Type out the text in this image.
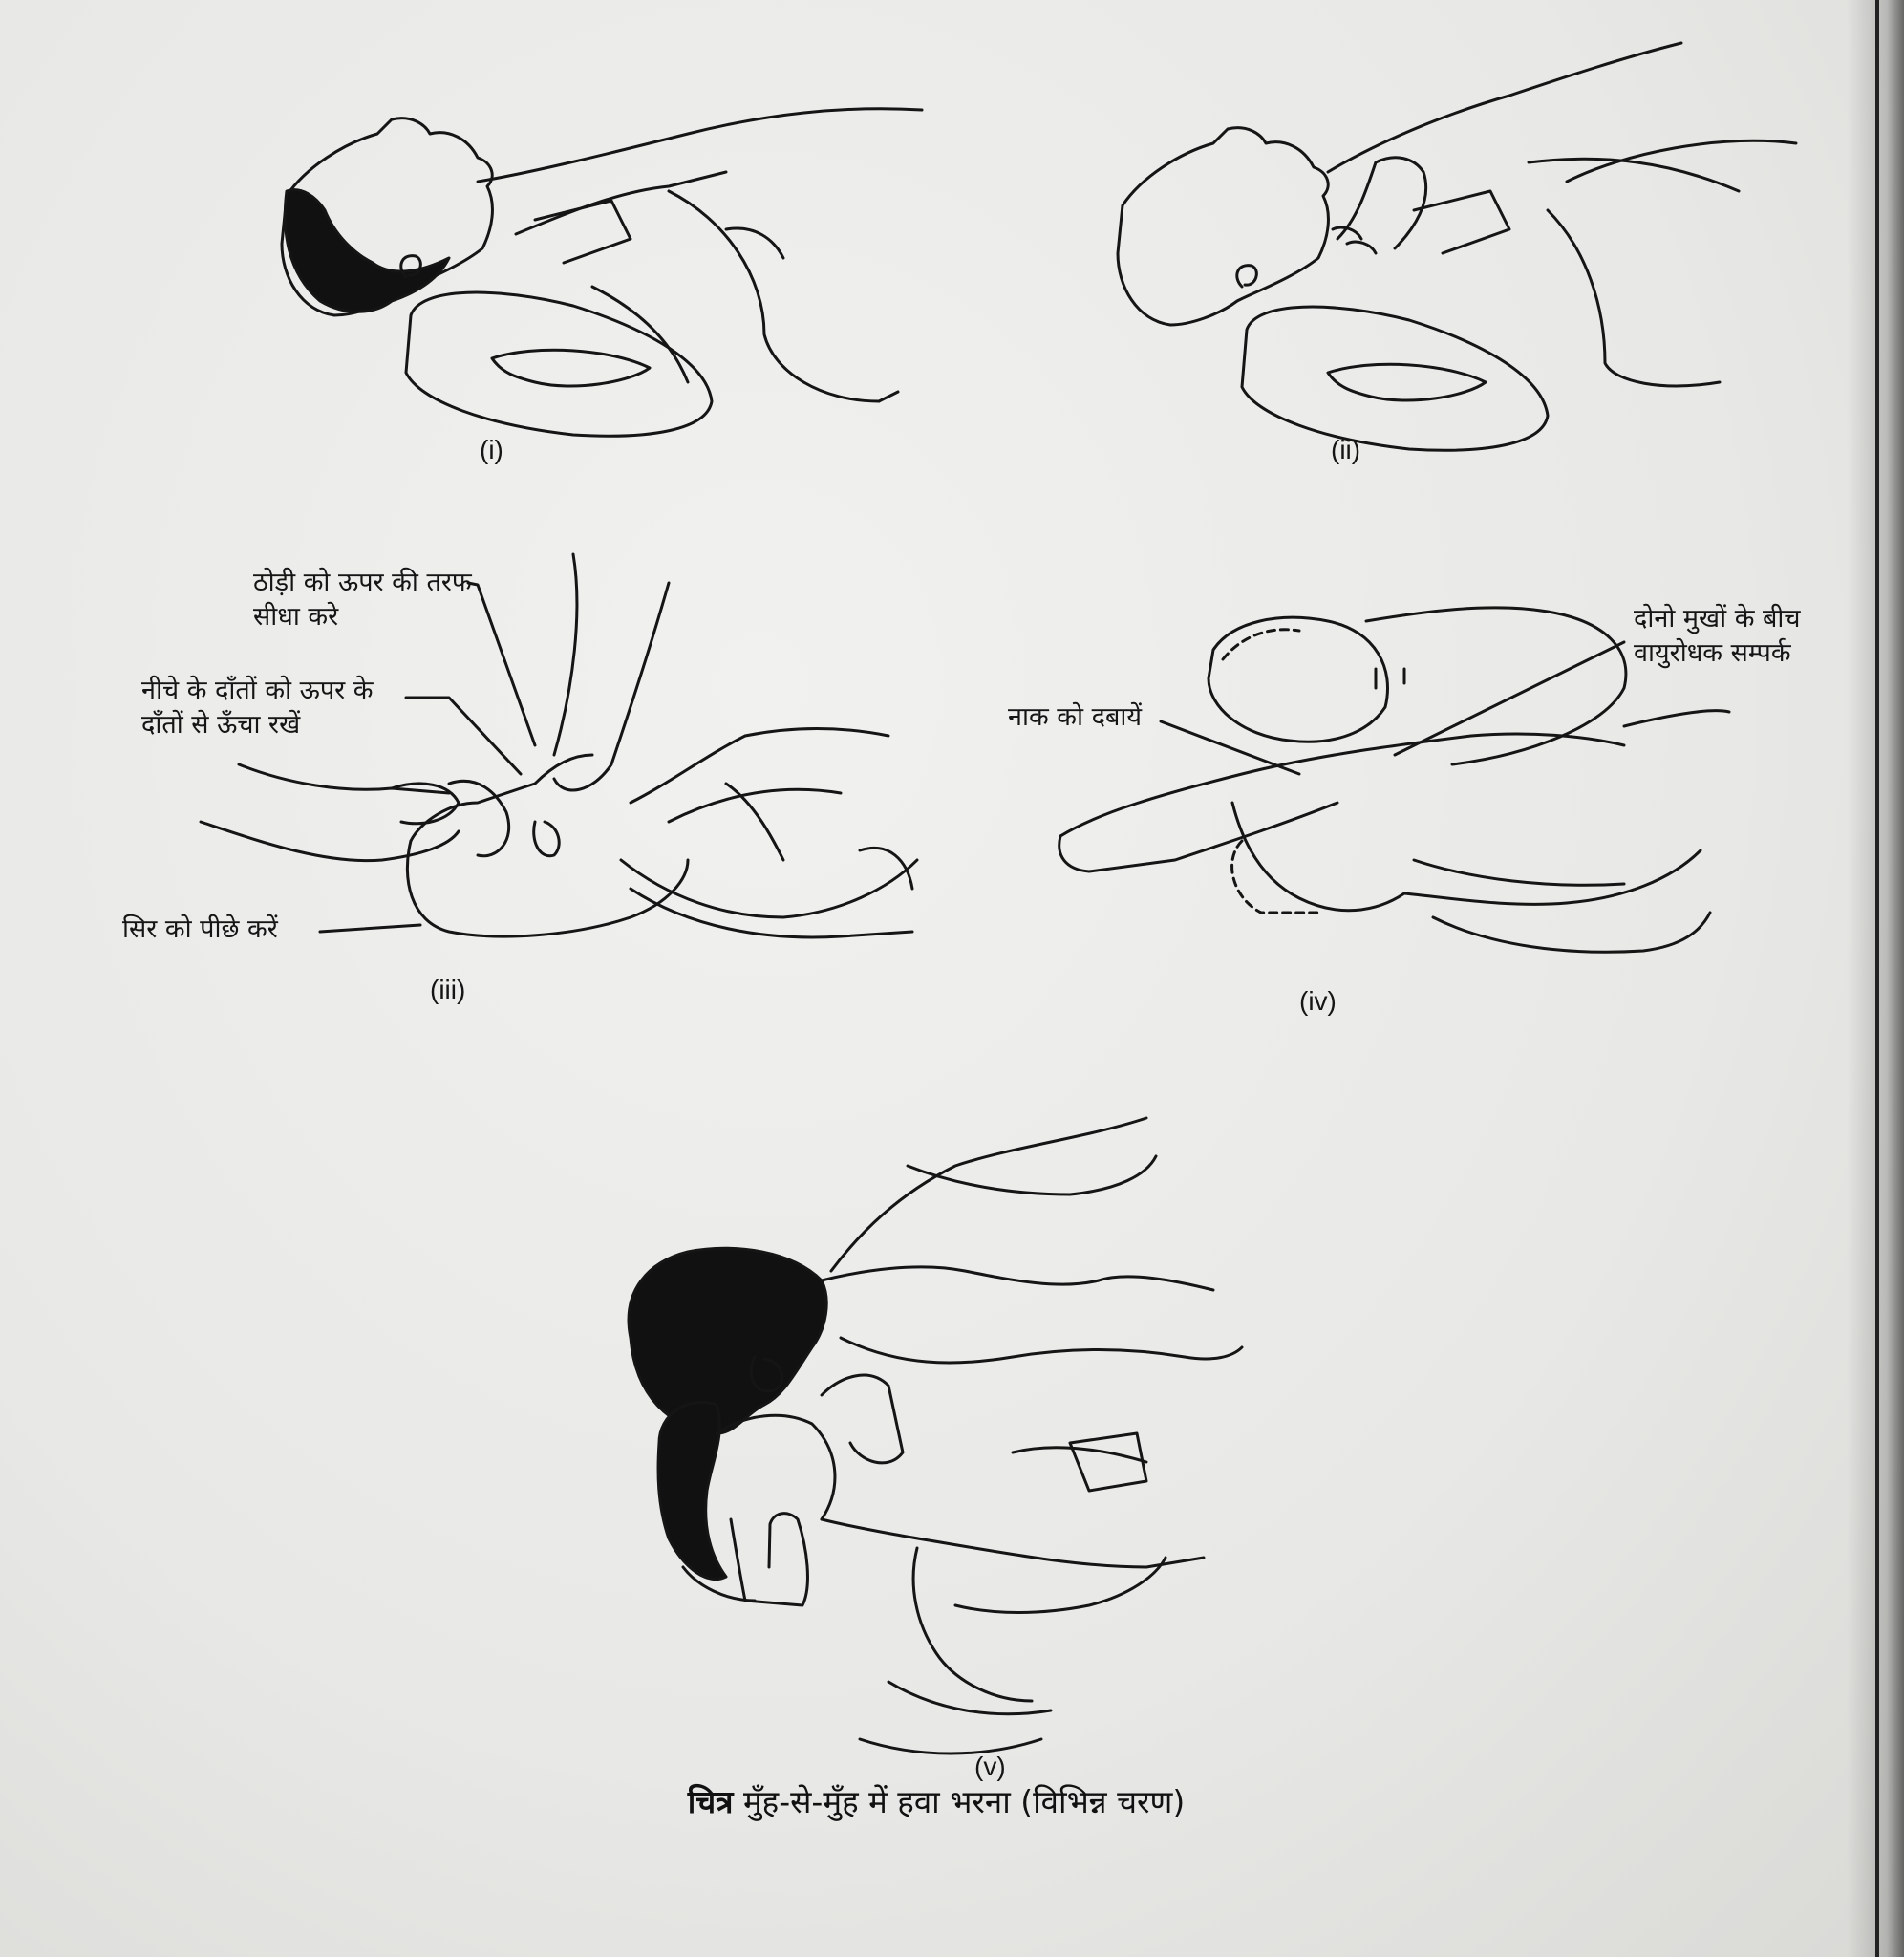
(i)	(ii)
(iii)	(iv)
(v)
ठोड़ी को ऊपर की तरफ सीधा करे
नीचे के दाँतों को ऊपर के दाँतों से ऊँचा रखें
सिर को पीछे करें
नाक को दबायें
दोनो मुखों के बीच वायुरोधक सम्पर्क
चित्र मुँह-से-मुँह में हवा भरना (विभिन्न चरण)
